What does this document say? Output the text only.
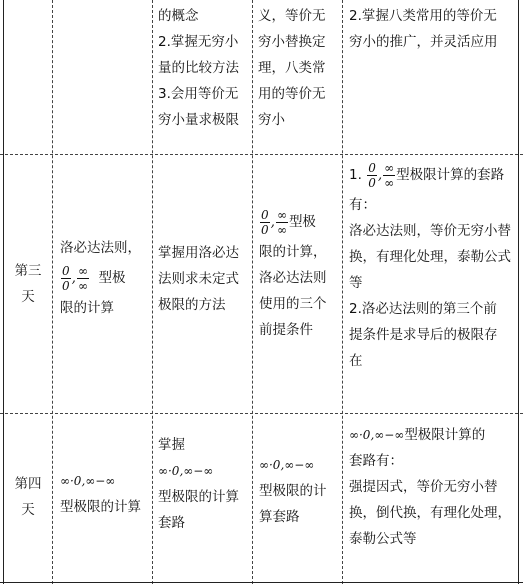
的概念

2.掌握无穷小

量的比较方法

3.会用等价无

穷小量求极限

义，等价无

穷小替换定

理，八类常

用的等价无

穷小

2.掌握八类常用的等价无

穷小的推广，并灵活应用

第三

天

洛必达法则，

$\frac{0}{0}$ , $\frac{\infty}{\infty}$ 型极

限的计算

掌握用洛必达

法则求未定式

极限的方法

$\frac{0}{0}$ , $\frac{\infty}{\infty}$ 型极

限的计算，

洛必达法则

使用的三个

前提条件

1. $\frac{0}{0}$ , $\frac{\infty}{\infty}$ 型极限计算的套路

有：

洛必达法则，等价无穷小替

换，有理化处理，泰勒公式

等

2.洛必达法则的第三个前

提条件是求导后的极限存

在

第四

天

∞·0,∞−∞

型极限的计算

掌握

∞·0,∞−∞

型极限的计算

套路

∞·0,∞−∞

型极限的计

算套路

∞·0,∞−∞型极限计算的

套路有：

强提因式，等价无穷小替

换，倒代换，有理化处理，

泰勒公式等
